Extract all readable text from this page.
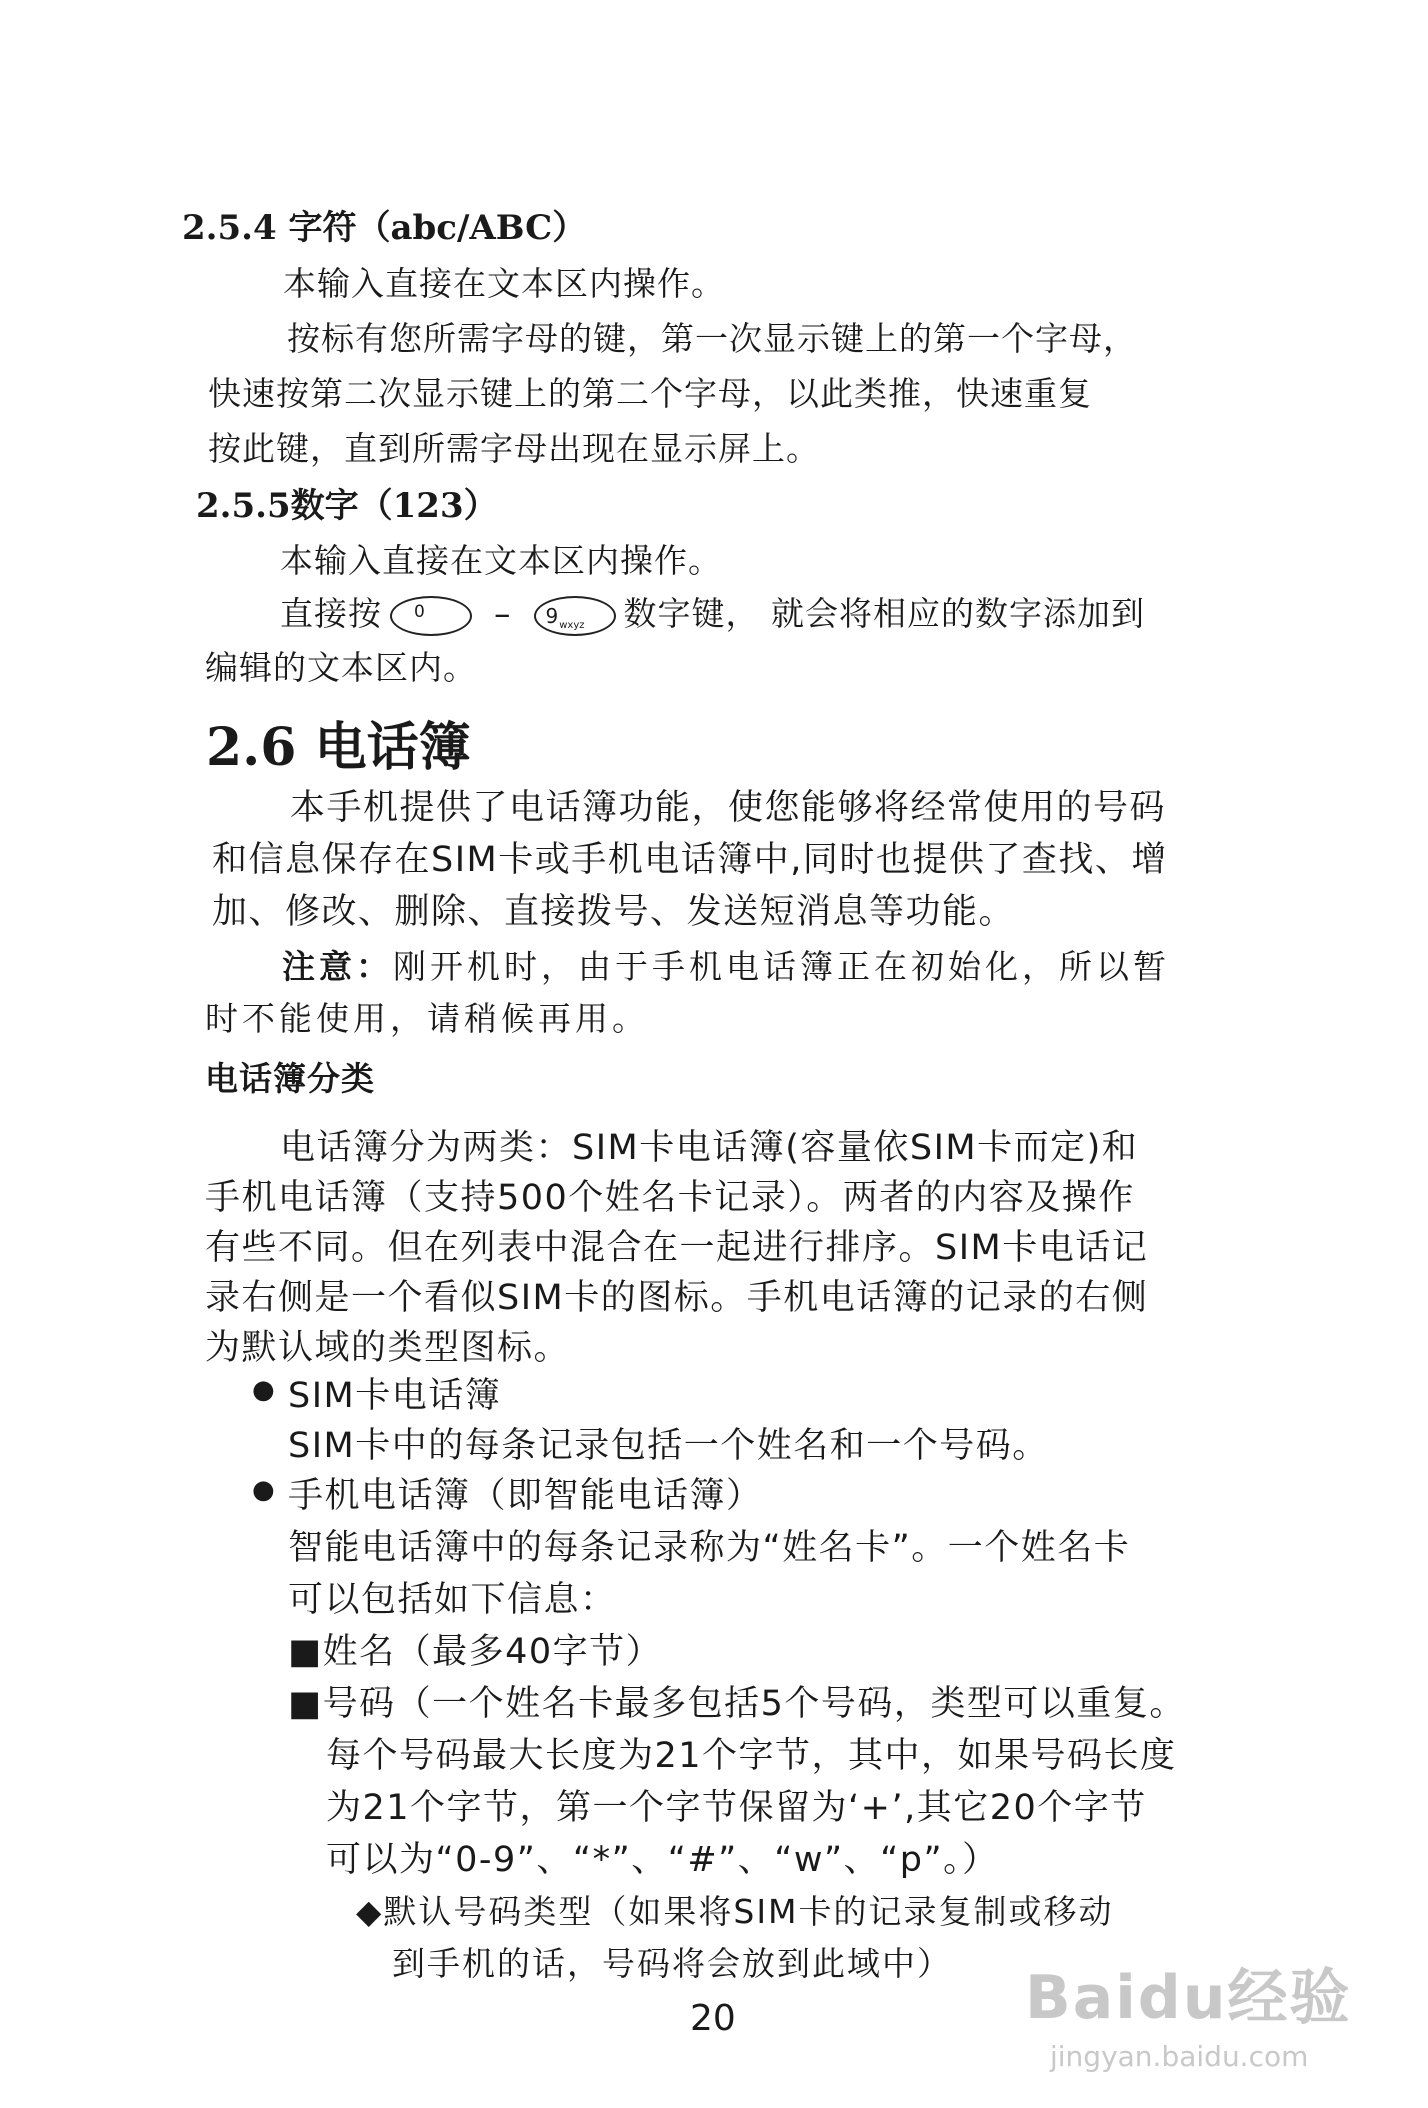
2.5.4 字符（abc/ABC）
本输入直接在文本区内操作。
按标有您所需字母的键，第一次显示键上的第一个字母，
快速按第二次显示键上的第二个字母，以此类推，快速重复
按此键，直到所需字母出现在显示屏上。
2.5.5数字（123）
本输入直接在文本区内操作。
直接按 $0 - 9_{wxyz}$ 数字键， 就会将相应的数字添加到
编辑的文本区内。
2.6 电话簿
本手机提供了电话簿功能，使您能够将经常使用的号码
和信息保存在SIM卡或手机电话簿中,同时也提供了查找、增
加、修改、删除、直接拨号、发送短消息等功能。
注意：刚开机时，由于手机电话簿正在初始化，所以暂
时不能使用，请稍候再用。
电话簿分类
电话簿分为两类：SIM卡电话簿(容量依SIM卡而定)和
手机电话簿（支持500个姓名卡记录）。两者的内容及操作
有些不同。但在列表中混合在一起进行排序。SIM卡电话记
录右侧是一个看似SIM卡的图标。手机电话簿的记录的右侧
为默认域的类型图标。
● SIM卡电话簿
SIM卡中的每条记录包括一个姓名和一个号码。
● 手机电话簿（即智能电话簿）
智能电话簿中的每条记录称为“姓名卡”。一个姓名卡
可以包括如下信息：
■姓名（最多40字节）
■号码（一个姓名卡最多包括5个号码，类型可以重复。
每个号码最大长度为21个字节，其中，如果号码长度
为21个字节，第一个字节保留为‘+’,其它20个字节
可以为“0-9”、“*”、“#”、“w”、“p”。）
◆默认号码类型（如果将SIM卡的记录复制或移动
到手机的话，号码将会放到此域中）
20	Baidu经验
jingyan.baidu.com
